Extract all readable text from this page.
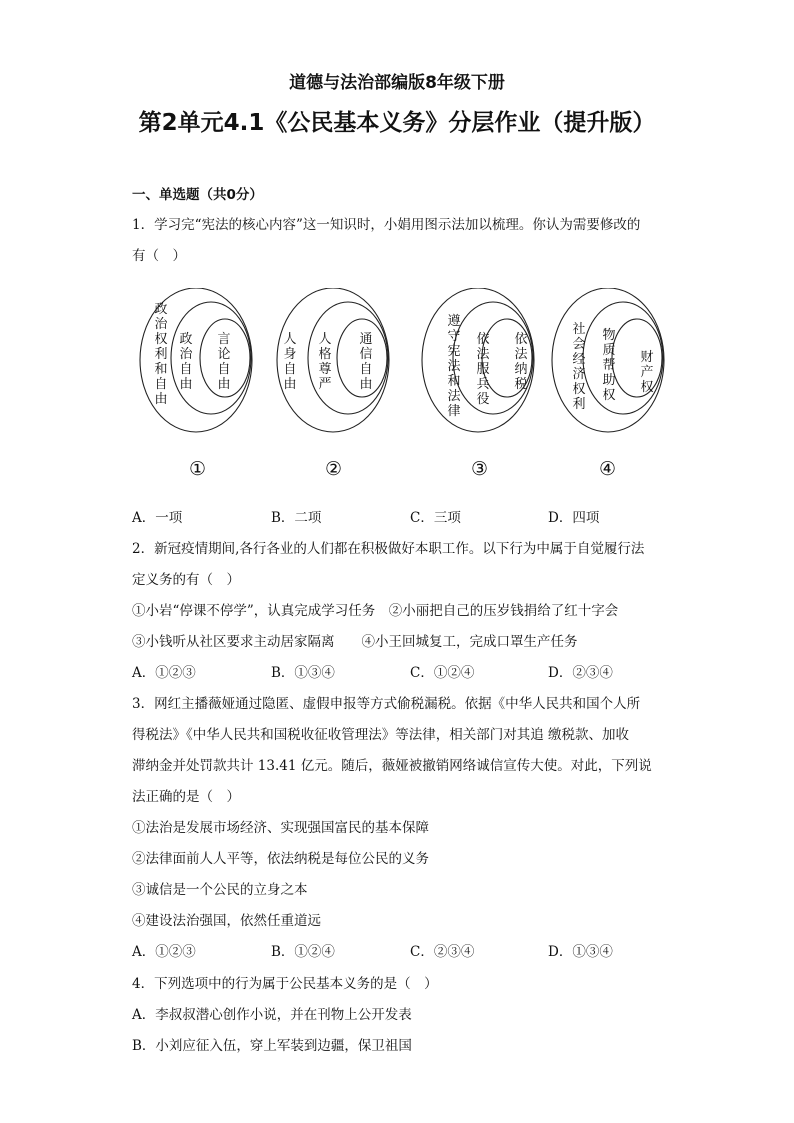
道德与法治部编版8年级下册
第2单元4.1《公民基本义务》分层作业（提升版）
一、单选题（共0分）
1．学习完“宪法的核心内容”这一知识时，小娟用图示法加以梳理。你认为需要修改的
有（　）
政治权利和自由
政治自由
言论自由
①
人身自由
人格尊严
通信自由
②
遵守宪法和法律
依法服兵役
依法纳税
③
社会经济权利
物质帮助权
财产权
④
A．一项	B．二项	C．三项	D．四项
2．新冠疫情期间,各行各业的人们都在积极做好本职工作。以下行为中属于自觉履行法
定义务的有（　）
①小岩“停课不停学”，认真完成学习任务　②小丽把自己的压岁钱捐给了红十字会
③小钱听从社区要求主动居家隔离　　④小王回城复工，完成口罩生产任务
A．①②③	B．①③④	C．①②④	D．②③④
3．网红主播薇娅通过隐匿、虚假申报等方式偷税漏税。依据《中华人民共和国个人所
得税法》《中华人民共和国税收征收管理法》等法律，相关部门对其追 缴税款、加收
滞纳金并处罚款共计 13.41 亿元。随后，薇娅被撤销网络诚信宣传大使。对此，下列说
法正确的是（　）
①法治是发展市场经济、实现强国富民的基本保障
②法律面前人人平等，依法纳税是每位公民的义务
③诚信是一个公民的立身之本
④建设法治强国，依然任重道远
A．①②③	B．①②④	C．②③④	D．①③④
4．下列选项中的行为属于公民基本义务的是（　）
A．李叔叔潜心创作小说，并在刊物上公开发表
B．小刘应征入伍，穿上军装到边疆，保卫祖国
